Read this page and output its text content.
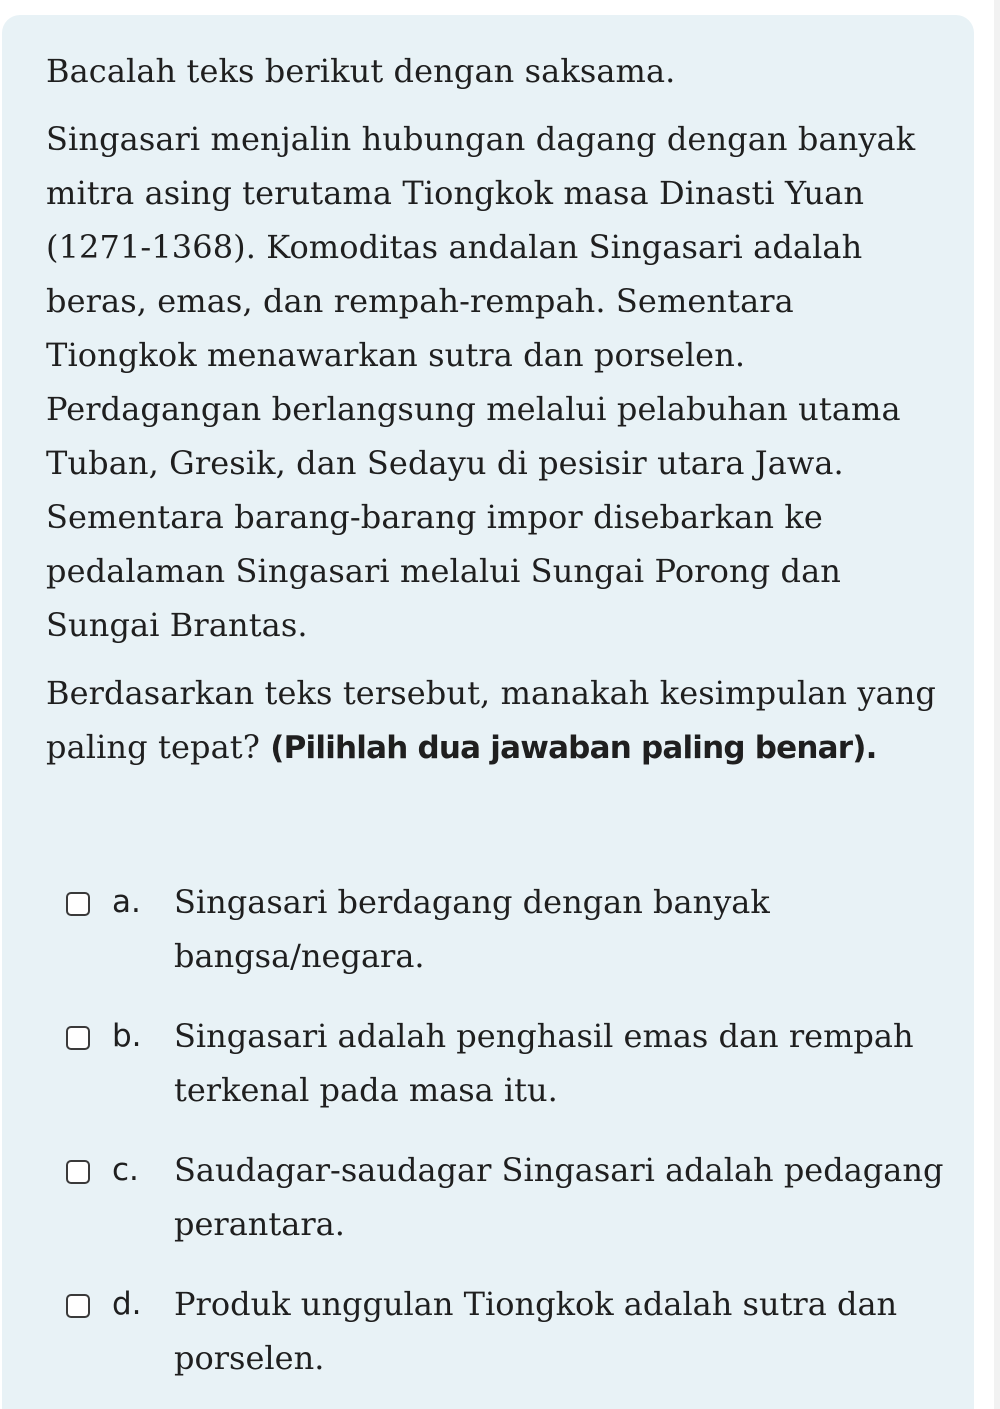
Bacalah teks berikut dengan saksama.

Singasari menjalin hubungan dagang dengan banyak mitra asing terutama Tiongkok masa Dinasti Yuan (1271-1368). Komoditas andalan Singasari adalah beras, emas, dan rempah-rempah. Sementara Tiongkok menawarkan sutra dan porselen. Perdagangan berlangsung melalui pelabuhan utama Tuban, Gresik, dan Sedayu di pesisir utara Jawa. Sementara barang-barang impor disebarkan ke pedalaman Singasari melalui Sungai Porong dan Sungai Brantas.

Berdasarkan teks tersebut, manakah kesimpulan yang paling tepat? (Pilihlah dua jawaban paling benar).

a.	Singasari berdagang dengan banyak bangsa/negara.
b.	Singasari adalah penghasil emas dan rempah terkenal pada masa itu.
c.	Saudagar-saudagar Singasari adalah pedagang perantara.
d.	Produk unggulan Tiongkok adalah sutra dan porselen.
